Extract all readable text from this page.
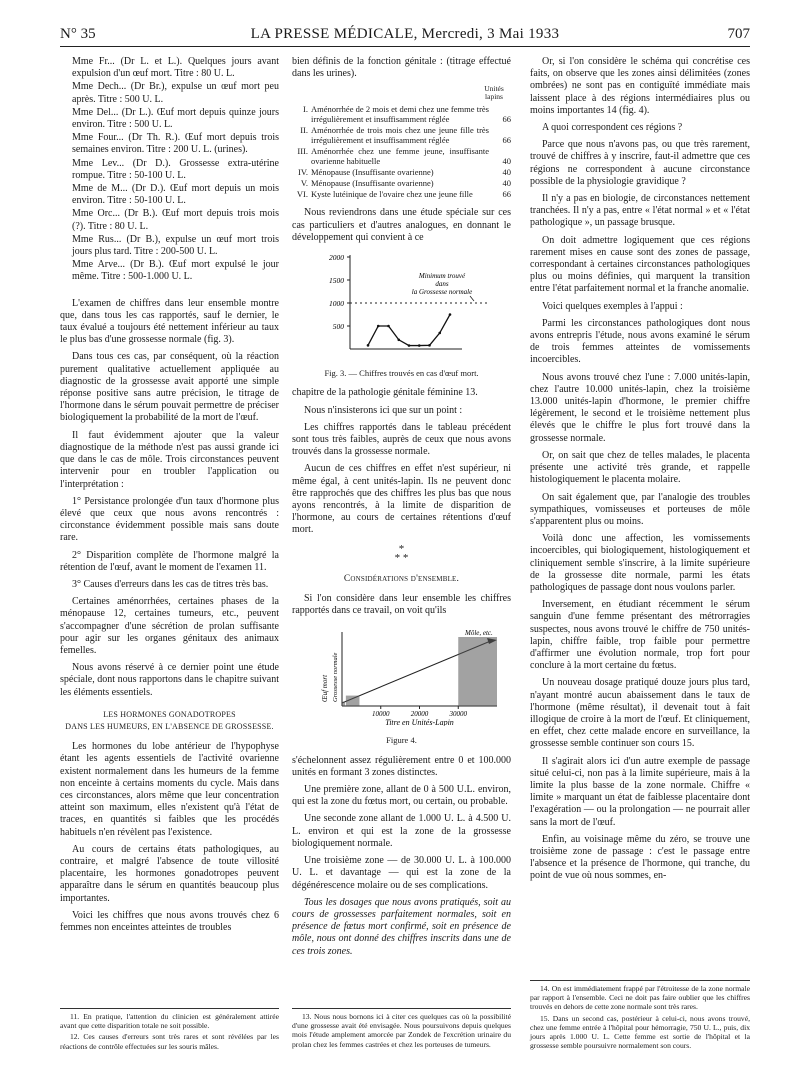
N° 35	LA PRESSE MÉDICALE, Mercredi, 3 Mai 1933	707

Mme Fr... (Dr L. et L.). Quelques jours avant expulsion d'un œuf mort. Titre : 80 U. L.

Mme Dech... (Dr Br.), expulse un œuf mort peu après. Titre : 500 U. L.

Mme Del... (Dr L.). Œuf mort depuis quinze jours environ. Titre : 500 U. L.

Mme Four... (Dr Th. R.). Œuf mort depuis trois semaines environ. Titre : 200 U. L. (urines).

Mme Lev... (Dr D.). Grossesse extra-utérine rompue. Titre : 50-100 U. L.

Mme de M... (Dr D.). Œuf mort depuis un mois environ. Titre : 50-100 U. L.

Mme Orc... (Dr B.). Œuf mort depuis trois mois (?). Titre : 80 U. L.

Mme Rus... (Dr B.), expulse un œuf mort trois jours plus tard. Titre : 200-500 U. L.

Mme Arve... (Dr B.). Œuf mort expulsé le jour même. Titre : 500-1.000 U. L.

L'examen de chiffres dans leur ensemble montre que, dans tous les cas rapportés, sauf le dernier, le taux évalué a toujours été nettement inférieur au taux le plus bas d'une grossesse normale (fig. 3).

Dans tous ces cas, par conséquent, où la réaction purement qualitative actuellement appliquée au diagnostic de la grossesse avait apporté une simple réponse positive sans autre précision, le titrage de l'hormone dans le sérum pouvait permettre de préciser biologiquement la probabilité de la mort de l'œuf.

Il faut évidemment ajouter que la valeur diagnostique de la méthode n'est pas aussi grande ici que dans le cas de môle. Trois circonstances peuvent intervenir pour en troubler l'application ou l'interprétation :

1° Persistance prolongée d'un taux d'hormone plus élevé que ceux que nous avons rencontrés : circonstance évidemment possible mais sans doute rare.

2° Disparition complète de l'hormone malgré la rétention de l'œuf, avant le moment de l'examen 11.

3° Causes d'erreurs dans les cas de titres très bas.

Certaines aménorrhées, certaines phases de la ménopause 12, certaines tumeurs, etc., peuvent s'accompagner d'une sécrétion de prolan suffisante pour agir sur les organes génitaux des animaux femelles.

Nous avons réservé à ce dernier point une étude spéciale, dont nous rapportons dans le chapitre suivant les éléments essentiels.

LES HORMONES GONADOTROPES
DANS LES HUMEURS, EN L'ABSENCE DE GROSSESSE.

Les hormones du lobe antérieur de l'hypophyse étant les agents essentiels de l'activité ovarienne existent normalement dans les humeurs de la femme non enceinte à certains moments du cycle. Mais dans ces circonstances, alors même que leur concentration atteint son maximum, elles n'existent qu'à l'état de traces, en quantités si faibles que les procédés habituels n'en révèlent pas l'existence.

Au cours de certains états pathologiques, au contraire, et malgré l'absence de toute villosité placentaire, les hormones gonadotropes peuvent apparaître dans le sérum en quantités beaucoup plus importantes.

Voici les chiffres que nous avons trouvés chez 6 femmes non enceintes atteintes de troubles

bien définis de la fonction génitale : (titrage effectué dans les urines).

Unités lapins
I. Aménorrhée de 2 mois et demi chez une femme très irrégulièrement et insuffisamment réglée	66
II. Aménorrhée de trois mois chez une jeune fille très irrégulièrement et insuffisamment réglée	66
III. Aménorrhée chez une femme jeune, insuffisante ovarienne habituelle	40
IV. Ménopause (Insuffisante ovarienne)	40
V. Ménopause (Insuffisante ovarienne)	40
VI. Kyste lutéinique de l'ovaire chez une jeune fille	66

Nous reviendrons dans une étude spéciale sur ces cas particuliers et d'autres analogues, en donnant le développement qui convient à ce

500
1000
1500
2000
Minimum trouvé
dans
la Grossesse normale
Fig. 3. — Chiffres trouvés en cas d'œuf mort.

chapitre de la pathologie génitale féminine 13.

Nous n'insisterons ici que sur un point :

Les chiffres rapportés dans le tableau précédent sont tous très faibles, auprès de ceux que nous avons trouvés dans la grossesse normale.

Aucun de ces chiffres en effet n'est supérieur, ni même égal, à cent unités-lapin. Ils ne peuvent donc être rapprochés que des chiffres les plus bas que nous ayons rencontrés, à la limite de disparition de l'hormone, au cours de certaines rétentions d'œuf mort.

*
* *

Considérations d'ensemble.

Si l'on considère dans leur ensemble les chiffres rapportés dans ce travail, on voit qu'ils

Œuf mort Grossesse normale
Môle, etc.
10000	20000	30000
Titre en Unités-Lapin
Figure 4.

s'échelonnent assez régulièrement entre 0 et 100.000 unités en formant 3 zones distinctes.

Une première zone, allant de 0 à 500 U.L. environ, qui est la zone du fœtus mort, ou certain, ou probable.

Une seconde zone allant de 1.000 U. L. à 4.500 U. L. environ et qui est la zone de la grossesse biologiquement normale.

Une troisième zone — de 30.000 U. L. à 100.000 U. L. et davantage — qui est la zone de la dégénérescence molaire ou de ses complications.

Tous les dosages que nous avons pratiqués, soit au cours de grossesses parfaitement normales, soit en présence de fœtus mort confirmé, soit en présence de môle, nous ont donné des chiffres inscrits dans une de ces trois zones.

Or, si l'on considère le schéma qui concrétise ces faits, on observe que les zones ainsi délimitées (zones ombrées) ne sont pas en contiguïté immédiate mais laissent place à des régions intermédiaires plus ou moins importantes 14 (fig. 4).

A quoi correspondent ces régions ?

Parce que nous n'avons pas, ou que très rarement, trouvé de chiffres à y inscrire, faut-il admettre que ces régions ne correspondent à aucune circonstance possible de la physiologie gravidique ?

Il n'y a pas en biologie, de circonstances nettement tranchées. Il n'y a pas, entre « l'état normal » et « l'état pathologique », un passage brusque.

On doit admettre logiquement que ces régions rarement mises en cause sont des zones de passage, correspondant à certaines circonstances pathologiques plus ou moins définies, qui marquent la transition entre l'état parfaitement normal et la franche anomalie.

Voici quelques exemples à l'appui :

Parmi les circonstances pathologiques dont nous avons entrepris l'étude, nous avons examiné le sérum de trois femmes atteintes de vomissements incoercibles.

Nous avons trouvé chez l'une : 7.000 unités-lapin, chez l'autre 10.000 unités-lapin, chez la troisième 13.000 unités-lapin d'hormone, le premier chiffre légèrement, le second et le troisième nettement plus élevés que le chiffre le plus fort trouvé dans la grossesse normale.

Or, on sait que chez de telles malades, le placenta présente une activité très grande, et rappelle histologiquement le placenta molaire.

On sait également que, par l'analogie des troubles sympathiques, vomisseuses et porteuses de môle s'apparentent plus ou moins.

Voilà donc une affection, les vomissements incoercibles, qui biologiquement, histologiquement et cliniquement semble s'inscrire, à la limite supérieure de la grossesse dite normale, parmi les états pathologiques de passage dont nous voulons parler.

Inversement, en étudiant récemment le sérum sanguin d'une femme présentant des métrorragies suspectes, nous avons trouvé le chiffre de 750 unités-lapin, chiffre faible, trop faible pour permettre d'affirmer une évolution normale, trop fort pour conclure à la mort certaine du fœtus.

Un nouveau dosage pratiqué douze jours plus tard, n'ayant montré aucun abaissement dans le taux de l'hormone (même résultat), il devenait tout à fait illogique de croire à la mort de l'œuf. Et cliniquement, en effet, chez cette malade encore en surveillance, la grossesse semble continuer son cours 15.

Il s'agirait alors ici d'un autre exemple de passage situé celui-ci, non pas à la limite supérieure, mais à la limite la plus basse de la zone normale. Chiffre « limite » marquant un état de faiblesse placentaire dont l'exagération — ou la prolongation — ne pourrait aller sans la mort de l'œuf.

Enfin, au voisinage même du zéro, se trouve une troisième zone de passage : c'est le passage entre l'absence et la présence de l'hormone, qui tranche, du point de vue où nous sommes, en-

11. En pratique, l'attention du clinicien est généralement attirée avant que cette disparition totale ne soit possible.

12. Ces causes d'erreurs sont très rares et sont révélées par les réactions de contrôle effectuées sur les souris mâles.

13. Nous nous bornons ici à citer ces quelques cas où la possibilité d'une grossesse avait été envisagée. Nous poursuivons depuis quelques mois l'étude amplement amorcée par Zondek de l'excrétion urinaire du prolan chez les femmes castrées et chez les porteuses de tumeurs.

14. On est immédiatement frappé par l'étroitesse de la zone normale par rapport à l'ensemble. Ceci ne doit pas faire oublier que les chiffres trouvés en dehors de cette zone normale sont très rares.

15. Dans un second cas, postérieur à celui-ci, nous avons trouvé, chez une femme entrée à l'hôpital pour hémorragie, 750 U. L., puis, dix jours après 1.000 U. L. Cette femme est sortie de l'hôpital et la grossesse semble poursuivre normalement son cours.
